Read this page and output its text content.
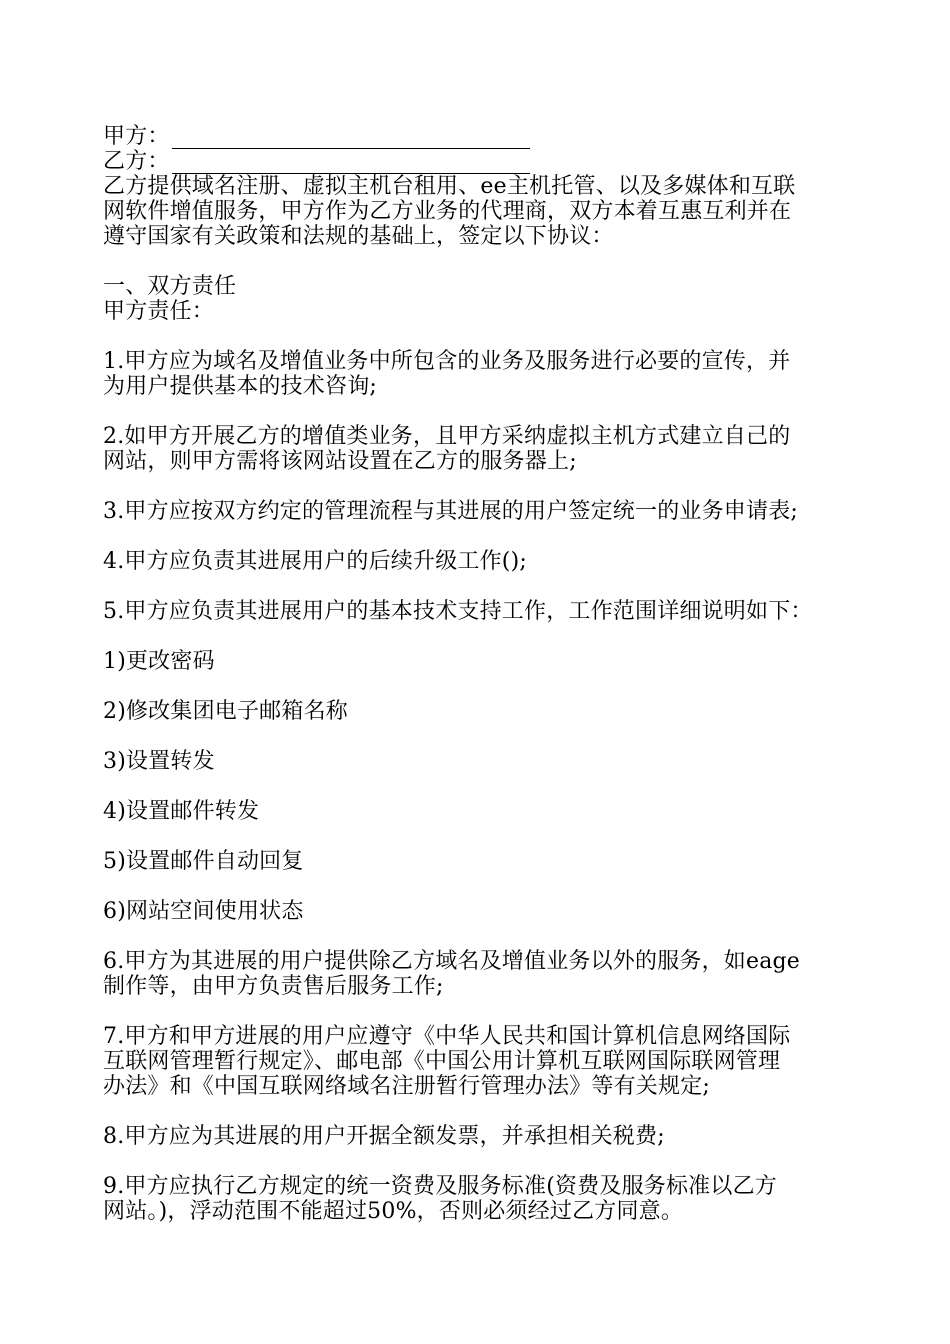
甲方：
乙方：
乙方提供域名注册、虚拟主机台租用、ee主机托管、以及多媒体和互联
网软件增值服务，甲方作为乙方业务的代理商，双方本着互惠互利并在
遵守国家有关政策和法规的基础上，签定以下协议：
一、双方责任
甲方责任：
1.甲方应为域名及增值业务中所包含的业务及服务进行必要的宣传，并
为用户提供基本的技术咨询;
2.如甲方开展乙方的增值类业务，且甲方采纳虚拟主机方式建立自己的
网站，则甲方需将该网站设置在乙方的服务器上;
3.甲方应按双方约定的管理流程与其进展的用户签定统一的业务申请表;
4.甲方应负责其进展用户的后续升级工作();
5.甲方应负责其进展用户的基本技术支持工作，工作范围详细说明如下：
1)更改密码
2)修改集团电子邮箱名称
3)设置转发
4)设置邮件转发
5)设置邮件自动回复
6)网站空间使用状态
6.甲方为其进展的用户提供除乙方域名及增值业务以外的服务，如eage
制作等，由甲方负责售后服务工作;
7.甲方和甲方进展的用户应遵守《中华人民共和国计算机信息网络国际
互联网管理暂行规定》、邮电部《中国公用计算机互联网国际联网管理
办法》和《中国互联网络域名注册暂行管理办法》等有关规定;
8.甲方应为其进展的用户开据全额发票，并承担相关税费;
9.甲方应执行乙方规定的统一资费及服务标准(资费及服务标准以乙方
网站。)，浮动范围不能超过50%，否则必须经过乙方同意。
